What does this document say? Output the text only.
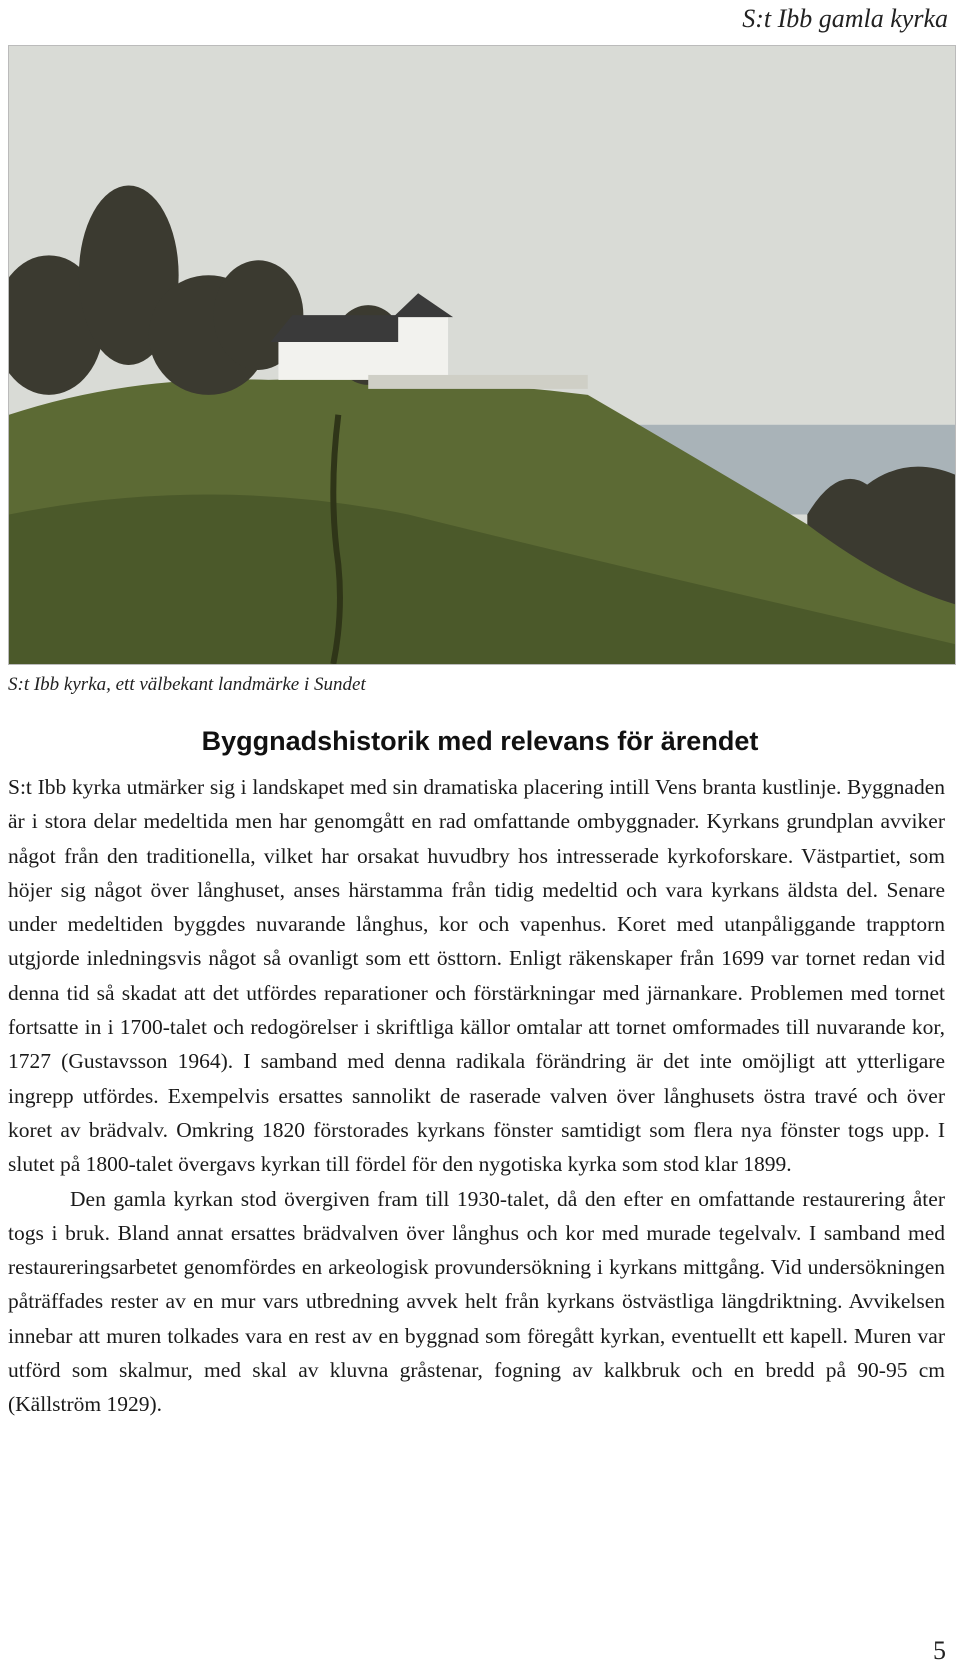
S:t Ibb gamla kyrka
S:t Ibb kyrka, ett välbekant landmärke i Sundet
Byggnadshistorik med relevans för ärendet

S:t Ibb kyrka utmärker sig i landskapet med sin dramatiska placering intill Vens branta kustlinje. Byggnaden är i stora delar medeltida men har genomgått en rad omfattande ombyggnader. Kyrkans grundplan avviker något från den traditionella, vilket har orsakat huvudbry hos intresserade kyrkoforskare. Västpartiet, som höjer sig något över långhuset, anses härstamma från tidig medeltid och vara kyrkans äldsta del. Senare under medeltiden byggdes nuvarande långhus, kor och vapenhus. Koret med utanpåliggande trapptorn utgjorde inledningsvis något så ovanligt som ett östtorn. Enligt räkenskaper från 1699 var tornet redan vid denna tid så skadat att det utfördes reparationer och förstärkningar med järnankare. Problemen med tornet fortsatte in i 1700-talet och redogörelser i skriftliga källor omtalar att tornet omformades till nuvarande kor, 1727 (Gustavsson 1964). I samband med denna radikala förändring är det inte omöjligt att ytterligare ingrepp utfördes. Exempelvis ersattes sannolikt de raserade valven över långhusets östra travé och över koret av brädvalv. Omkring 1820 förstorades kyrkans fönster samtidigt som flera nya fönster togs upp. I slutet på 1800-talet övergavs kyrkan till fördel för den nygotiska kyrka som stod klar 1899.

Den gamla kyrkan stod övergiven fram till 1930-talet, då den efter en omfattande restaurering åter togs i bruk. Bland annat ersattes brädvalven över långhus och kor med murade tegelvalv. I samband med restaureringsarbetet genomfördes en arkeologisk provundersökning i kyrkans mittgång. Vid undersökningen påträffades rester av en mur vars utbredning avvek helt från kyrkans östvästliga längdriktning. Avvikelsen innebar att muren tolkades vara en rest av en byggnad som föregått kyrkan, eventuellt ett kapell. Muren var utförd som skalmur, med skal av kluvna gråstenar, fogning av kalkbruk och en bredd på 90-95 cm (Källström 1929).

5
